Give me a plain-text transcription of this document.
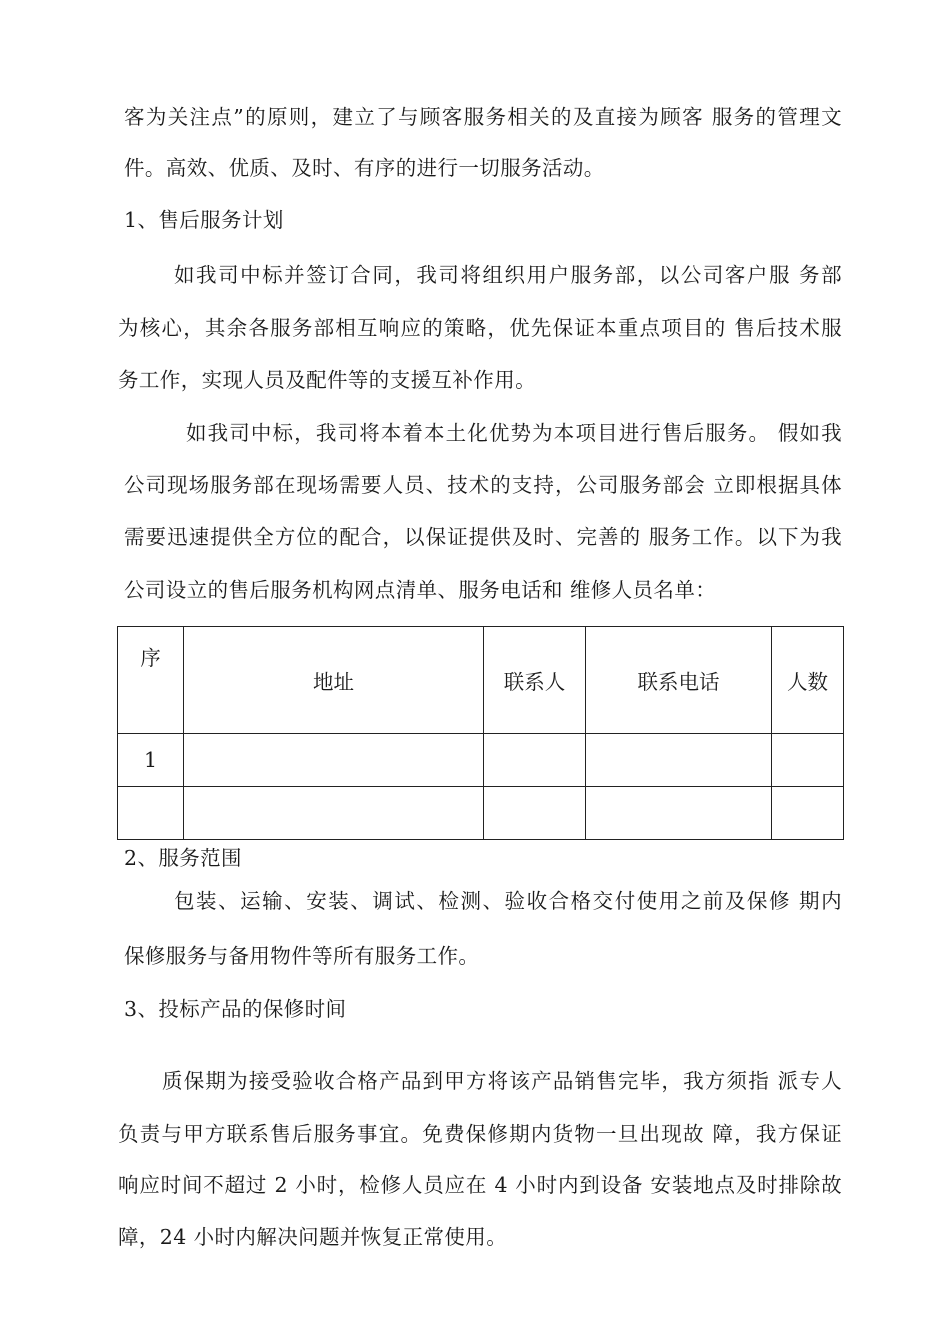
客为关注点”的原则，建立了与顾客服务相关的及直接为顾客 服务的管理文
件。高效、优质、及时、有序的进行一切服务活动。
1、售后服务计划
如我司中标并签订合同，我司将组织用户服务部，以公司客户服 务部
为核心，其余各服务部相互响应的策略，优先保证本重点项目的 售后技术服
务工作，实现人员及配件等的支援互补作用。
如我司中标，我司将本着本土化优势为本项目进行售后服务。 假如我
公司现场服务部在现场需要人员、技术的支持，公司服务部会 立即根据具体
需要迅速提供全方位的配合，以保证提供及时、完善的 服务工作。以下为我
公司设立的售后服务机构网点清单、服务电话和 维修人员名单：
序	地址	联系人	联系电话	人数
1				

2、服务范围
包装、运输、安装、调试、检测、验收合格交付使用之前及保修 期内
保修服务与备用物件等所有服务工作。
3、投标产品的保修时间
质保期为接受验收合格产品到甲方将该产品销售完毕，我方须指 派专人
负责与甲方联系售后服务事宜。免费保修期内货物一旦出现故 障，我方保证
响应时间不超过 2 小时，检修人员应在 4 小时内到设备 安装地点及时排除故
障，24 小时内解决问题并恢复正常使用。
